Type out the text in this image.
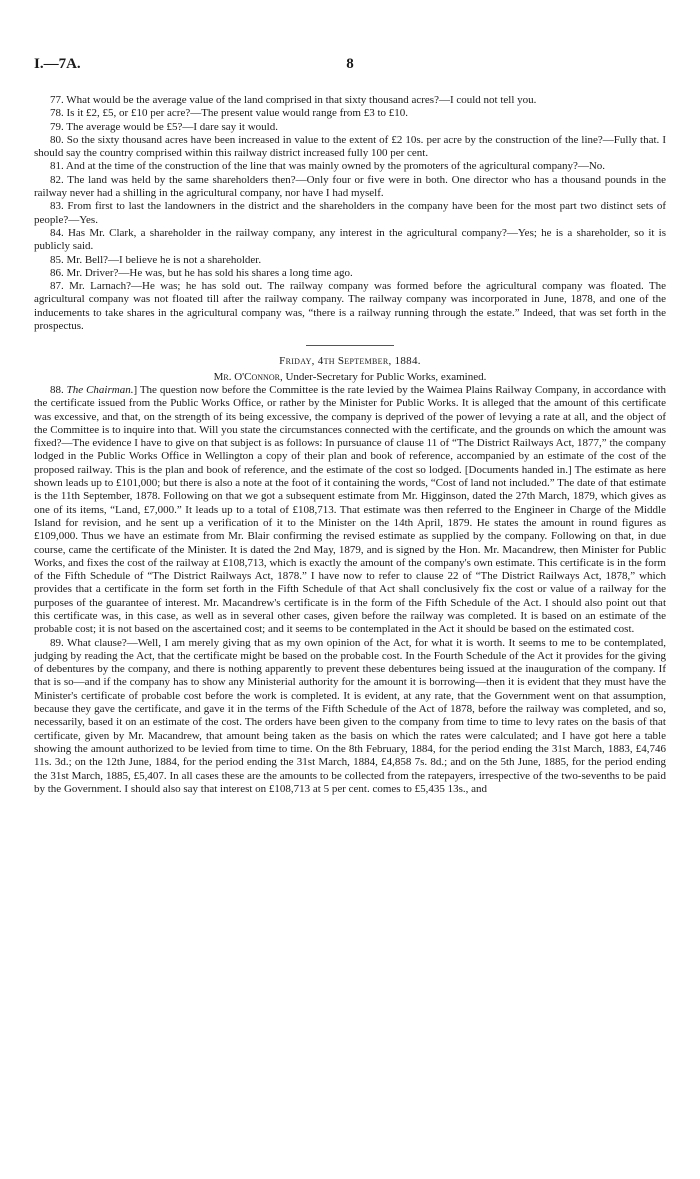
I.—7A.	8

77. What would be the average value of the land comprised in that sixty thousand acres?—I could not tell you.

78. Is it £2, £5, or £10 per acre?—The present value would range from £3 to £10.

79. The average would be £5?—I dare say it would.

80. So the sixty thousand acres have been increased in value to the extent of £2 10s. per acre by the construction of the line?—Fully that. I should say the country comprised within this railway district increased fully 100 per cent.

81. And at the time of the construction of the line that was mainly owned by the promoters of the agricultural company?—No.

82. The land was held by the same shareholders then?—Only four or five were in both. One director who has a thousand pounds in the railway never had a shilling in the agricultural company, nor have I had myself.

83. From first to last the landowners in the district and the shareholders in the company have been for the most part two distinct sets of people?—Yes.

84. Has Mr. Clark, a shareholder in the railway company, any interest in the agricultural company?—Yes; he is a shareholder, so it is publicly said.

85. Mr. Bell?—I believe he is not a shareholder.

86. Mr. Driver?—He was, but he has sold his shares a long time ago.

87. Mr. Larnach?—He was; he has sold out. The railway company was formed before the agricultural company was floated. The agricultural company was not floated till after the railway company. The railway company was incorporated in June, 1878, and one of the inducements to take shares in the agricultural company was, “there is a railway running through the estate.” Indeed, that was set forth in the prospectus.

Friday, 4th September, 1884.

Mr. O'Connor, Under-Secretary for Public Works, examined.

88. The Chairman.] The question now before the Committee is the rate levied by the Waimea Plains Railway Company, in accordance with the certificate issued from the Public Works Office, or rather by the Minister for Public Works. It is alleged that the amount of this certificate was excessive, and that, on the strength of its being excessive, the company is deprived of the power of levying a rate at all, and the object of the Committee is to inquire into that. Will you state the circumstances connected with the certificate, and the grounds on which the amount was fixed?—The evidence I have to give on that subject is as follows: In pursuance of clause 11 of “The District Railways Act, 1877,” the company lodged in the Public Works Office in Wellington a copy of their plan and book of reference, accompanied by an estimate of the cost of the proposed railway. This is the plan and book of reference, and the estimate of the cost so lodged. [Documents handed in.] The estimate as here shown leads up to £101,000; but there is also a note at the foot of it containing the words, “Cost of land not included.” The date of that estimate is the 11th September, 1878. Following on that we got a subsequent estimate from Mr. Higginson, dated the 27th March, 1879, which gives as one of its items, “Land, £7,000.” It leads up to a total of £108,713. That estimate was then referred to the Engineer in Charge of the Middle Island for revision, and he sent up a verification of it to the Minister on the 14th April, 1879. He states the amount in round figures as £109,000. Thus we have an estimate from Mr. Blair confirming the revised estimate as supplied by the company. Following on that, in due course, came the certificate of the Minister. It is dated the 2nd May, 1879, and is signed by the Hon. Mr. Macandrew, then Minister for Public Works, and fixes the cost of the railway at £108,713, which is exactly the amount of the company's own estimate. This certificate is in the form of the Fifth Schedule of “The District Railways Act, 1878.” I have now to refer to clause 22 of “The District Railways Act, 1878,” which provides that a certificate in the form set forth in the Fifth Schedule of that Act shall conclusively fix the cost or value of a railway for the purposes of the guarantee of interest. Mr. Macandrew's certificate is in the form of the Fifth Schedule of the Act. I should also point out that this certificate was, in this case, as well as in several other cases, given before the railway was completed. It is based on an estimate of the probable cost; it is not based on the ascertained cost; and it seems to be contemplated in the Act it should be based on the estimated cost.

89. What clause?—Well, I am merely giving that as my own opinion of the Act, for what it is worth. It seems to me to be contemplated, judging by reading the Act, that the certificate might be based on the probable cost. In the Fourth Schedule of the Act it provides for the giving of debentures by the company, and there is nothing apparently to prevent these debentures being issued at the inauguration of the company. If that is so—and if the company has to show any Ministerial authority for the amount it is borrowing—then it is evident that they must have the Minister's certificate of probable cost before the work is completed. It is evident, at any rate, that the Government went on that assumption, because they gave the certificate, and gave it in the terms of the Fifth Schedule of the Act of 1878, before the railway was completed, and so, necessarily, based it on an estimate of the cost. The orders have been given to the company from time to time to levy rates on the basis of that certificate, given by Mr. Macandrew, that amount being taken as the basis on which the rates were calculated; and I have got here a table showing the amount authorized to be levied from time to time. On the 8th February, 1884, for the period ending the 31st March, 1883, £4,746 11s. 3d.; on the 12th June, 1884, for the period ending the 31st March, 1884, £4,858 7s. 8d.; and on the 5th June, 1885, for the period ending the 31st March, 1885, £5,407. In all cases these are the amounts to be collected from the ratepayers, irrespective of the two-sevenths to be paid by the Government. I should also say that interest on £108,713 at 5 per cent. comes to £5,435 13s., and
